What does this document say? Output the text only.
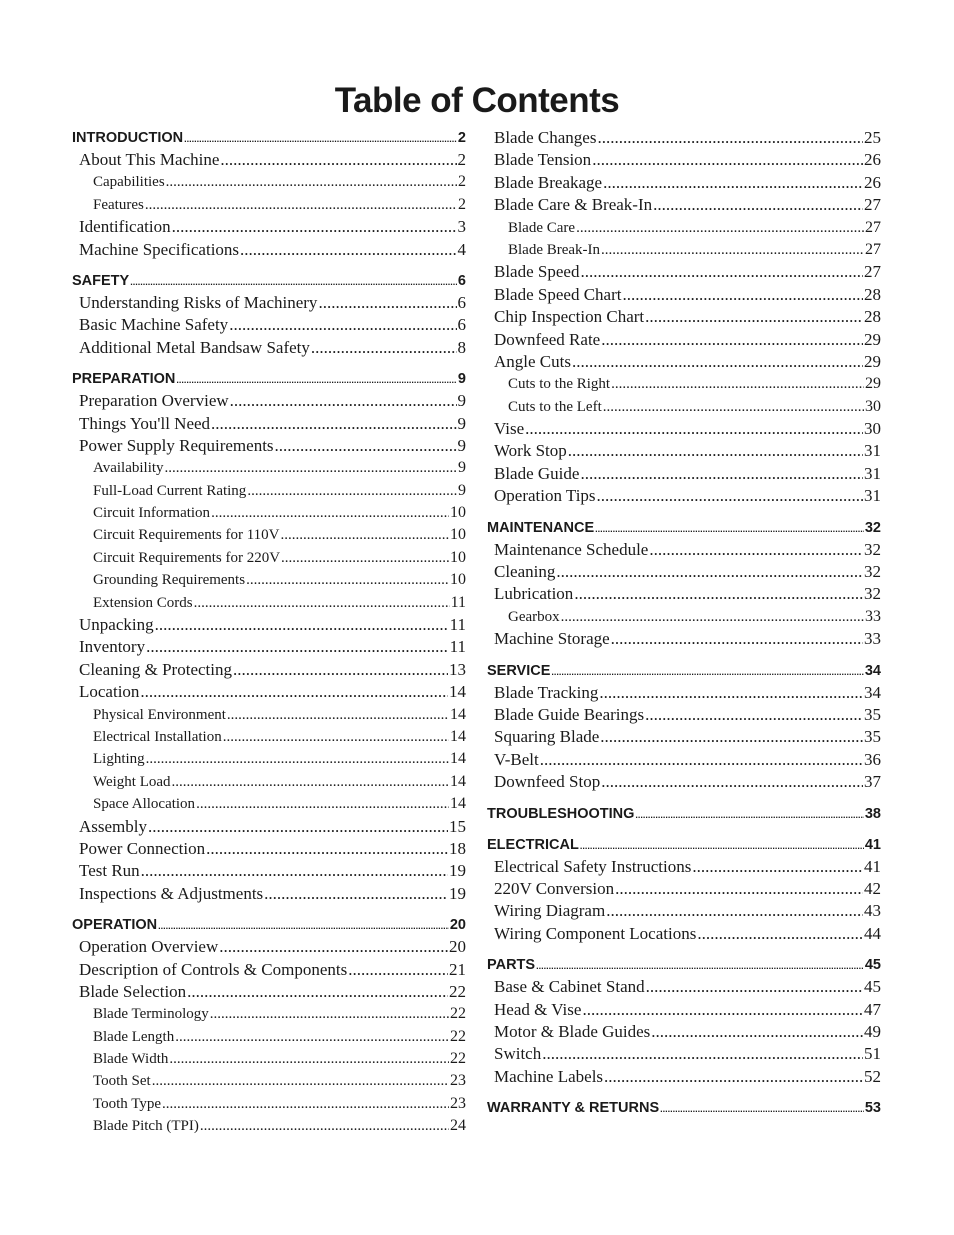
Table of Contents
INTRODUCTION .....	2
About This Machine .....	2
Capabilities .....	2
Features .....	2
Identification .....	3
Machine Specifications .....	4
SAFETY .....	6
Understanding Risks of Machinery .....	6
Basic Machine Safety .....	6
Additional Metal Bandsaw Safety .....	8
PREPARATION .....	9
Preparation Overview .....	9
Things You'll Need .....	9
Power Supply Requirements .....	9
Availability .....	9
Full-Load Current Rating .....	9
Circuit Information .....	10
Circuit Requirements for 110V .....	10
Circuit Requirements for 220V .....	10
Grounding Requirements .....	10
Extension Cords .....	11
Unpacking .....	11
Inventory .....	11
Cleaning & Protecting .....	13
Location .....	14
Physical Environment .....	14
Electrical Installation .....	14
Lighting .....	14
Weight Load .....	14
Space Allocation .....	14
Assembly .....	15
Power Connection .....	18
Test Run .....	19
Inspections & Adjustments .....	19
OPERATION .....	20
Operation Overview .....	20
Description of Controls & Components .....	21
Blade Selection .....	22
Blade Terminology .....	22
Blade Length .....	22
Blade Width .....	22
Tooth Set .....	23
Tooth Type .....	23
Blade Pitch (TPI) .....	24
Blade Changes .....	25
Blade Tension .....	26
Blade Breakage .....	26
Blade Care & Break-In .....	27
Blade Care .....	27
Blade Break-In .....	27
Blade Speed .....	27
Blade Speed Chart .....	28
Chip Inspection Chart .....	28
Downfeed Rate .....	29
Angle Cuts .....	29
Cuts to the Right .....	29
Cuts to the Left .....	30
Vise .....	30
Work Stop .....	31
Blade Guide .....	31
Operation Tips .....	31
MAINTENANCE .....	32
Maintenance Schedule .....	32
Cleaning .....	32
Lubrication .....	32
Gearbox .....	33
Machine Storage .....	33
SERVICE .....	34
Blade Tracking .....	34
Blade Guide Bearings .....	35
Squaring Blade .....	35
V-Belt .....	36
Downfeed Stop .....	37
TROUBLESHOOTING .....	38
ELECTRICAL .....	41
Electrical Safety Instructions .....	41
220V Conversion .....	42
Wiring Diagram .....	43
Wiring Component Locations .....	44
PARTS .....	45
Base & Cabinet Stand .....	45
Head & Vise .....	47
Motor & Blade Guides .....	49
Switch .....	51
Machine Labels .....	52
WARRANTY & RETURNS .....	53
